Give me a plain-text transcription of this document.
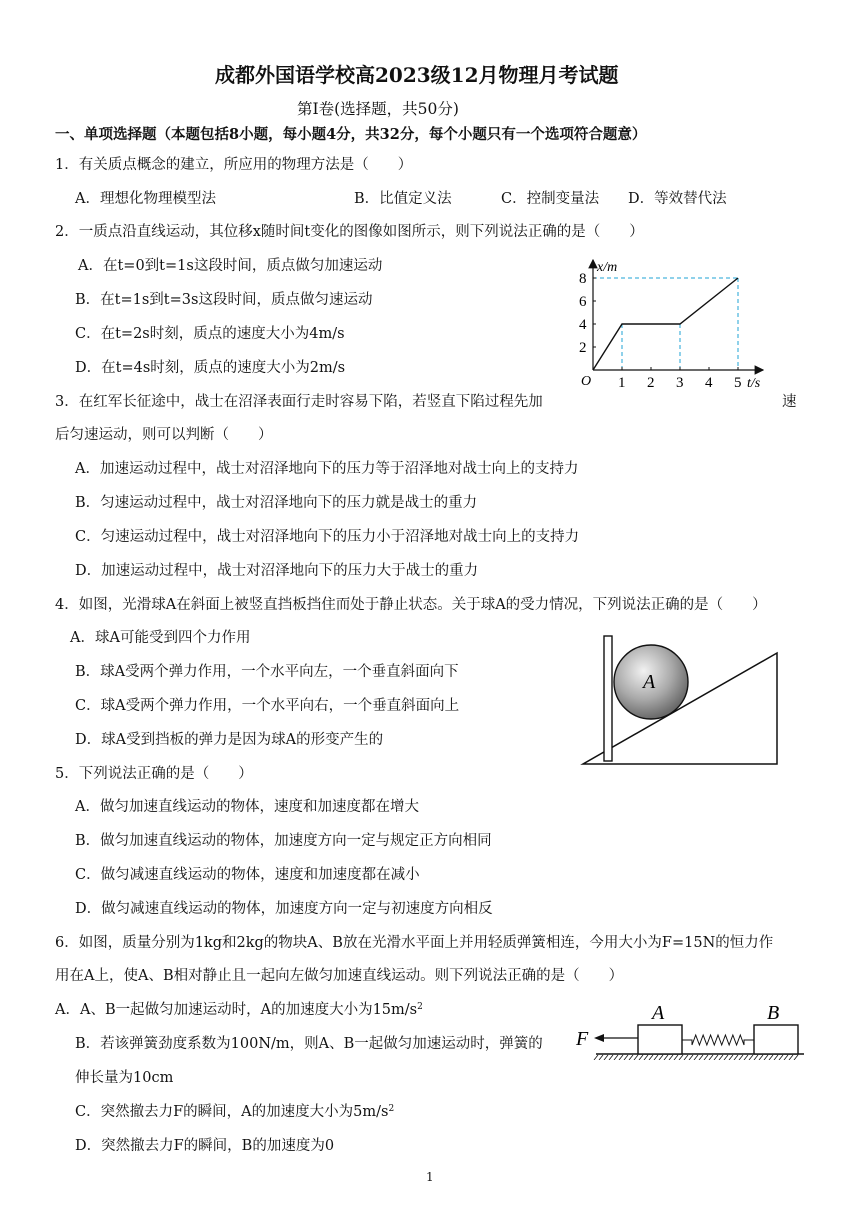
成都外国语学校高2023级12月物理月考试题
第Ⅰ卷(选择题，共50分)
一、单项选择题（本题包括8小题，每小题4分，共32分，每个小题只有一个选项符合题意）
1．有关质点概念的建立，所应用的物理方法是（　　）
A．理想化物理模型法	B．比值定义法	C．控制变量法 D．等效替代法
2．一质点沿直线运动，其位移x随时间t变化的图像如图所示，则下列说法正确的是（　　）
A．在t=0到t=1s这段时间，质点做匀加速运动
B．在t=1s到t=3s这段时间，质点做匀速运动
C．在t=2s时刻，质点的速度大小为4m/s
D．在t=4s时刻，质点的速度大小为2m/s
1 2 3 4 5
2
4
6
8
x/m
t/s
O
3．在红军长征途中，战士在沼泽表面行走时容易下陷，若竖直下陷过程先加	速
后匀速运动，则可以判断（　　）
A．加速运动过程中，战士对沼泽地向下的压力等于沼泽地对战士向上的支持力
B．匀速运动过程中，战士对沼泽地向下的压力就是战士的重力
C．匀速运动过程中，战士对沼泽地向下的压力小于沼泽地对战士向上的支持力
D．加速运动过程中，战士对沼泽地向下的压力大于战士的重力
4．如图，光滑球A在斜面上被竖直挡板挡住而处于静止状态。关于球A的受力情况，下列说法正确的是（　　）
A．球A可能受到四个力作用
B．球A受两个弹力作用，一个水平向左，一个垂直斜面向下
C．球A受两个弹力作用，一个水平向右，一个垂直斜面向上
D．球A受到挡板的弹力是因为球A的形变产生的
A
5．下列说法正确的是（　　）
A．做匀加速直线运动的物体，速度和加速度都在增大
B．做匀加速直线运动的物体，加速度方向一定与规定正方向相同
C．做匀减速直线运动的物体，速度和加速度都在减小
D．做匀减速直线运动的物体，加速度方向一定与初速度方向相反
6．如图，质量分别为1kg和2kg的物块A、B放在光滑水平面上并用轻质弹簧相连，今用大小为F=15N的恒力作
用在A上，使A、B相对静止且一起向左做匀加速直线运动。则下列说法正确的是（　　）
A．A、B一起做匀加速运动时，A的加速度大小为$15m/s^2$
B．若该弹簧劲度系数为100N/m，则A、B一起做匀加速运动时，弹簧的
伸长量为10cm
C．突然撤去力F的瞬间，A的加速度大小为$5m/s^2$
D．突然撤去力F的瞬间，B的加速度为0
A	B
F
1
